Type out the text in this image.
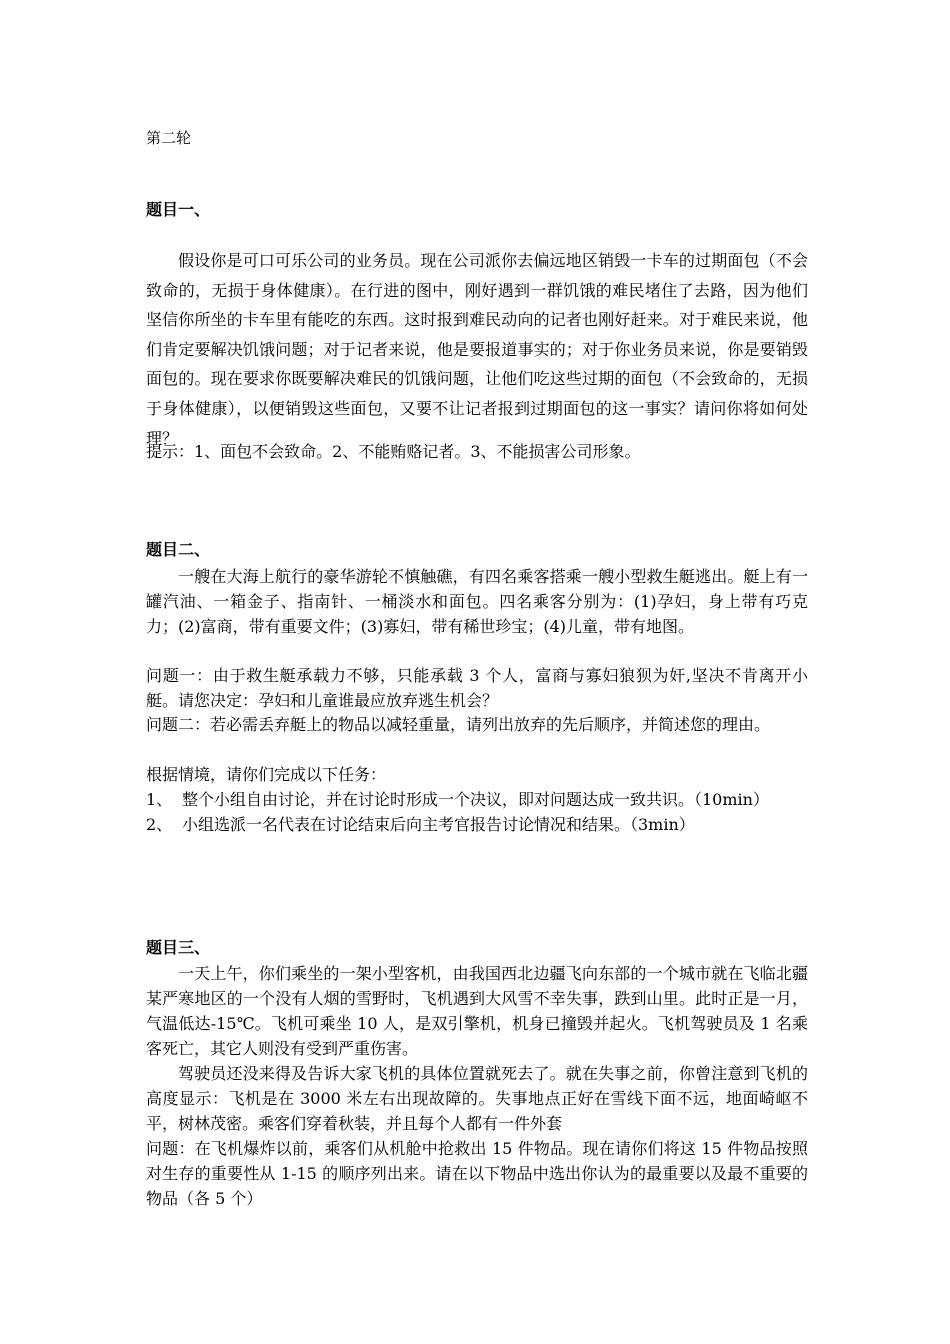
第二轮
题目一、

假设你是可口可乐公司的业务员。现在公司派你去偏远地区销毁一卡车的过期面包（不会致命的，无损于身体健康）。在行进的图中，刚好遇到一群饥饿的难民堵住了去路，因为他们坚信你所坐的卡车里有能吃的东西。这时报到难民动向的记者也刚好赶来。对于难民来说，他们肯定要解决饥饿问题；对于记者来说，他是要报道事实的；对于你业务员来说，你是要销毁面包的。现在要求你既要解决难民的饥饿问题，让他们吃这些过期的面包（不会致命的，无损于身体健康），以便销毁这些面包，又要不让记者报到过期面包的这一事实？请问你将如何处理？

提示：1、面包不会致命。2、不能贿赂记者。3、不能损害公司形象。

题目二、

一艘在大海上航行的豪华游轮不慎触礁，有四名乘客搭乘一艘小型救生艇逃出。艇上有一罐汽油、一箱金子、指南针、一桶淡水和面包。四名乘客分别为：(1)孕妇，身上带有巧克力；(2)富商，带有重要文件；(3)寡妇，带有稀世珍宝；(4)儿童，带有地图。

问题一：由于救生艇承载力不够，只能承载 3 个人，富商与寡妇狼狈为奸,坚决不肯离开小艇。请您决定：孕妇和儿童谁最应放弃逃生机会？

问题二：若必需丢弃艇上的物品以减轻重量，请列出放弃的先后顺序，并简述您的理由。

根据情境，请你们完成以下任务：

1、 整个小组自由讨论，并在讨论时形成一个决议，即对问题达成一致共识。（10min）
2、 小组选派一名代表在讨论结束后向主考官报告讨论情况和结果。（3min）
题目三、

一天上午，你们乘坐的一架小型客机，由我国西北边疆飞向东部的一个城市就在飞临北疆某严寒地区的一个没有人烟的雪野时，飞机遇到大风雪不幸失事，跌到山里。此时正是一月，气温低达-15℃。飞机可乘坐 10 人，是双引擎机，机身已撞毁并起火。飞机驾驶员及 1 名乘客死亡，其它人则没有受到严重伤害。

驾驶员还没来得及告诉大家飞机的具体位置就死去了。就在失事之前，你曾注意到飞机的高度显示：飞机是在 3000 米左右出现故障的。失事地点正好在雪线下面不远，地面崎岖不平，树林茂密。乘客们穿着秋装，并且每个人都有一件外套

问题：在飞机爆炸以前，乘客们从机舱中抢救出 15 件物品。现在请你们将这 15 件物品按照对生存的重要性从 1-15 的顺序列出来。请在以下物品中选出你认为的最重要以及最不重要的物品（各 5 个）
